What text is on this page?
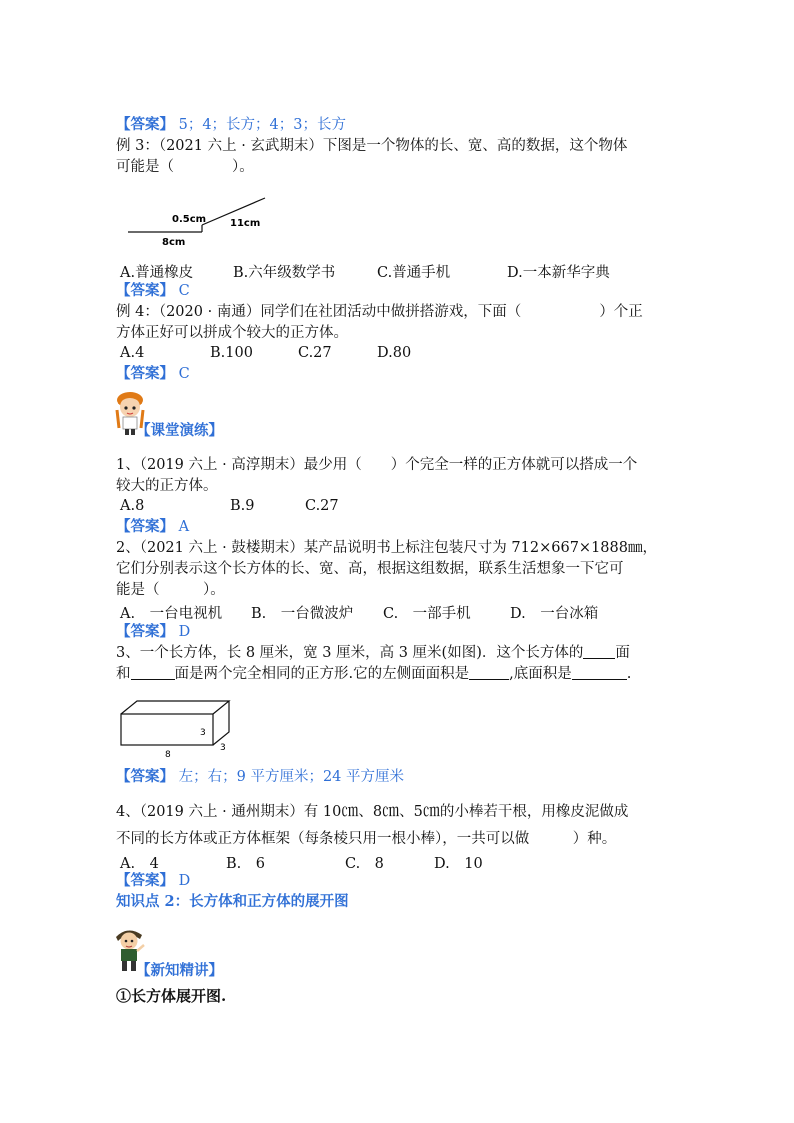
【答案】 5；4；长方；4；3；长方
例 3：（2021 六上 · 玄武期末）下图是一个物体的长、宽、高的数据，这个物体
可能是（　　　　）。
0.5cm 11cm
8cm
A.普通橡皮	B.六年级数学书	C.普通手机	D.一本新华字典
【答案】 C
例 4：（2020 · 南通）同学们在社团活动中做拼搭游戏，下面（	）个正
方体正好可以拼成个较大的正方体。
A.4	B.100	C.27	D.80
【答案】 C
【课堂演练】
1、（2019 六上 · 高淳期末）最少用（　　）个完全一样的正方体就可以搭成一个
较大的正方体。
A.8	B.9	C.27
【答案】 A
2、（2021 六上 · 鼓楼期末）某产品说明书上标注包装尺寸为 712×667×1888㎜，
它们分别表示这个长方体的长、宽、高，根据这组数据，联系生活想象一下它可
能是（　　　）。
A.　一台电视机 B.　一台微波炉 C.　一部手机	D.　一台冰箱
【答案】 D
3、一个长方体，长 8 厘米，宽 3 厘米，高 3 厘米(如图)．这个长方体的 面
和	面是两个完全相同的正方形.它的左侧面面积是	,底面积是	.
3
8
3
【答案】 左；右；9 平方厘米；24 平方厘米
4、（2019 六上 · 通州期末）有 10㎝、8㎝、5㎝的小棒若干根，用橡皮泥做成
不同的长方体或正方体框架（每条棱只用一根小棒），一共可以做　　　）种。
A.　4	B.　6	C.　8	D.　10
【答案】 D
知识点 2：长方体和正方体的展开图
【新知精讲】
①长方体展开图.
